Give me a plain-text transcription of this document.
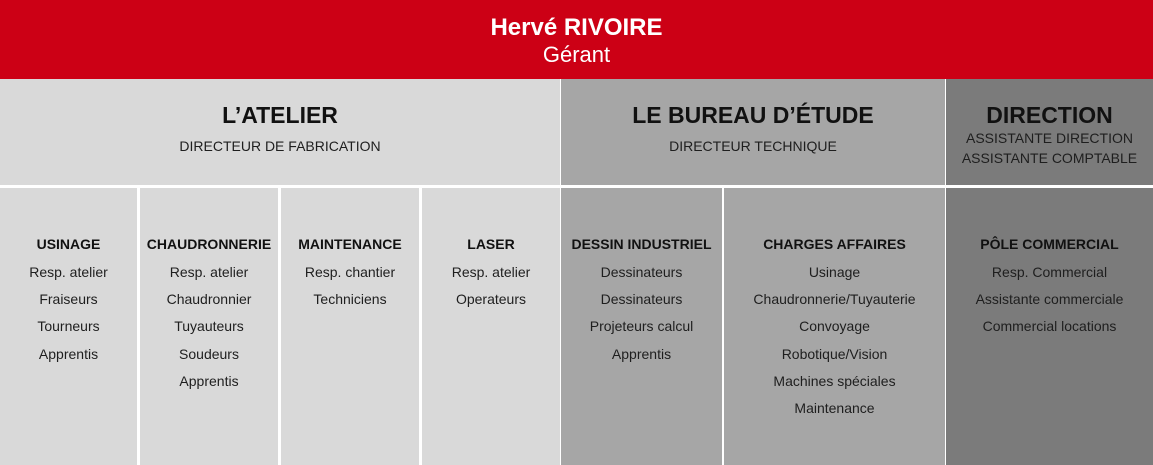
Hervé RIVOIRE
Gérant
L’ATELIER
DIRECTEUR DE FABRICATION
LE BUREAU D’ÉTUDE
DIRECTEUR TECHNIQUE
DIRECTION
ASSISTANTE DIRECTION
ASSISTANTE COMPTABLE
USINAGE
Resp. atelier
Fraiseurs
Tourneurs
Apprentis
CHAUDRONNERIE
Resp. atelier
Chaudronnier
Tuyauteurs
Soudeurs
Apprentis
MAINTENANCE
Resp. chantier
Techniciens
LASER
Resp. atelier
Operateurs
DESSIN INDUSTRIEL
Dessinateurs
Dessinateurs
Projeteurs calcul
Apprentis
CHARGES AFFAIRES
Usinage
Chaudronnerie/Tuyauterie
Convoyage
Robotique/Vision
Machines spéciales
Maintenance
PÔLE COMMERCIAL
Resp. Commercial
Assistante commerciale
Commercial locations
